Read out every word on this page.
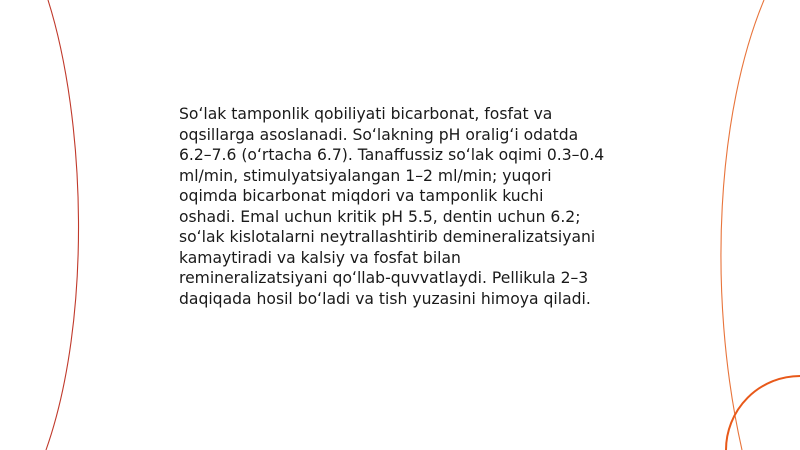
Soʻlak tamponlik qobiliyati bicarbonat, fosfat va
oqsillarga asoslanadi. Soʻlakning pH oraligʻi odatda
6.2–7.6 (oʻrtacha 6.7). Tanaffussiz soʻlak oqimi 0.3–0.4
ml/min, stimulyatsiyalangan 1–2 ml/min; yuqori
oqimda bicarbonat miqdori va tamponlik kuchi
oshadi. Emal uchun kritik pH 5.5, dentin uchun 6.2;
soʻlak kislotalarni neytrallashtirib demineralizatsiyani
kamaytiradi va kalsiy va fosfat bilan
remineralizatsiyani qoʻllab-quvvatlaydi. Pellikula 2–3
daqiqada hosil boʻladi va tish yuzasini himoya qiladi.
